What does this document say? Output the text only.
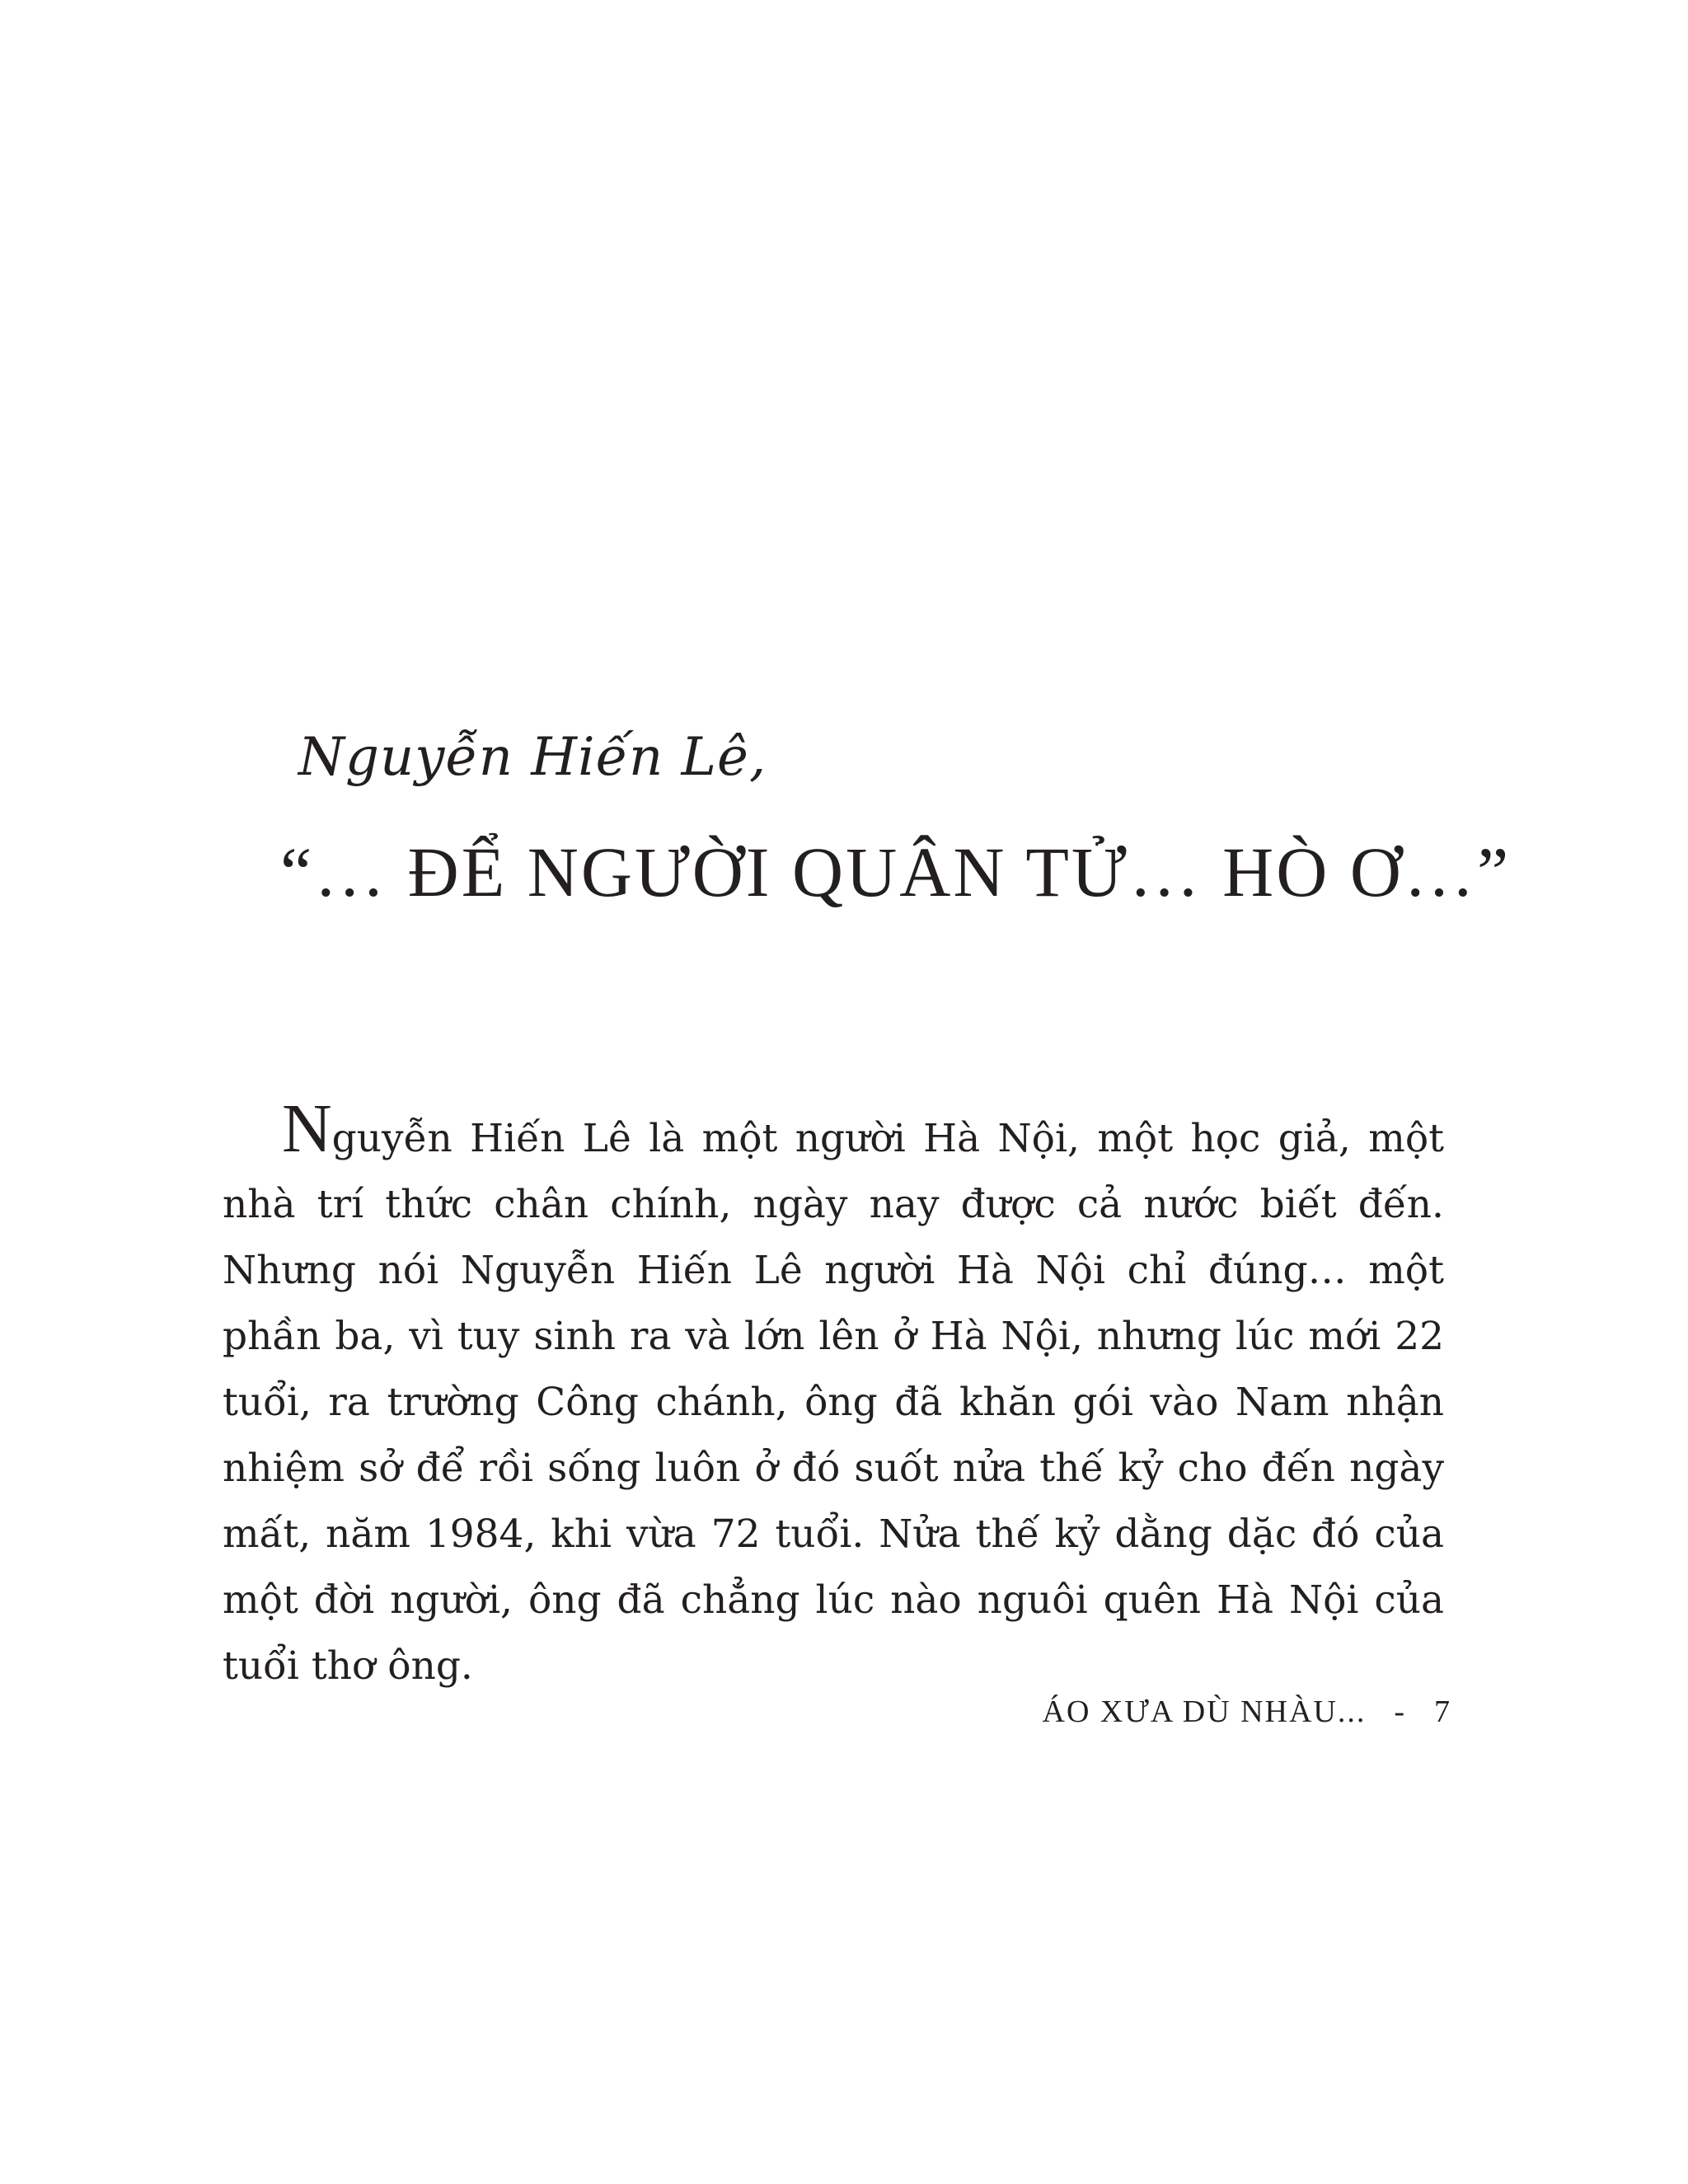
Nguyễn Hiến Lê,
“… ĐỂ NGƯỜI QUÂN TỬ… HÒ Ơ…”

Nguyễn Hiến Lê là một người Hà Nội, một học giả, một nhà trí thức chân chính, ngày nay được cả nước biết đến. Nhưng nói Nguyễn Hiến Lê người Hà Nội chỉ đúng… một phần ba, vì tuy sinh ra và lớn lên ở Hà Nội, nhưng lúc mới 22 tuổi, ra trường Công chánh, ông đã khăn gói vào Nam nhận nhiệm sở để rồi sống luôn ở đó suốt nửa thế kỷ cho đến ngày mất, năm 1984, khi vừa 72 tuổi. Nửa thế kỷ dằng dặc đó của một đời người, ông đã chẳng lúc nào nguôi quên Hà Nội của tuổi thơ ông.

ÁO XƯA DÙ NHÀU... - 7
